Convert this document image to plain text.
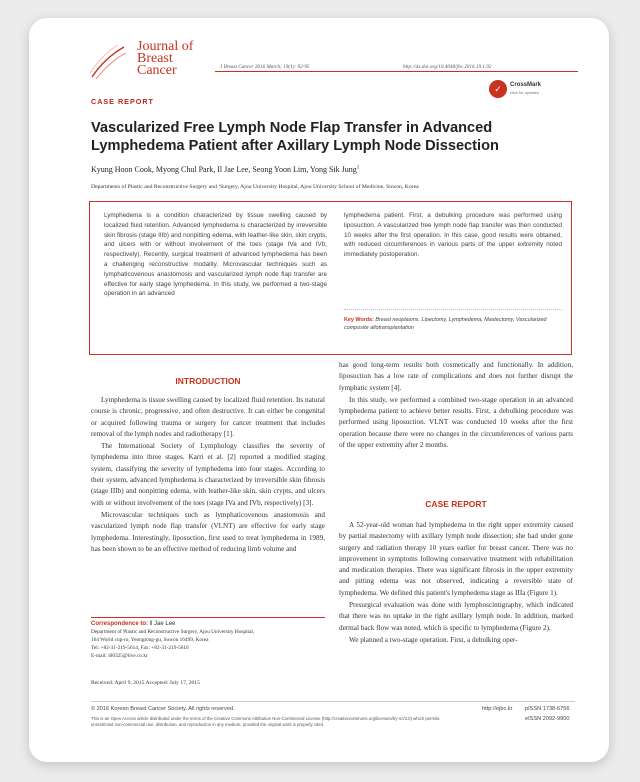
Journal of
Breast
Cancer	J Breast Cancer 2016 March; 19(1): 92-95	http://dx.doi.org/10.4048/jbc.2016.19.1.92
✓	CrossMark
click for updates
CASE REPORT
Vascularized Free Lymph Node Flap Transfer in Advanced Lymphedema Patient after Axillary Lymph Node Dissection
Kyung Hoon Cook, Myong Chul Park, Il Jae Lee, Seong Yoon Lim, Yong Sik Jung$^1$
Departments of Plastic and Reconstructive Surgery and ¹Surgery, Ajou University Hospital, Ajou University School of Medicine, Suwon, Korea
Lymphedema is a condition characterized by tissue swelling caused by localized fluid retention. Advanced lymphedema is characterized by irreversible skin fibrosis (stage IIIb) and nonpitting edema, with leather-like skin, skin crypts, and ulcers with or without involvement of the toes (stage IVa and IVb, respectively). Recently, surgical treatment of advanced lymphedema has been a challenging reconstructive modality. Microvascular techniques such as lymphaticovenous anastomosis and vascularized lymph node flap transfer are effective for early stage lymphedema. In this study, we performed a two-stage operation in an advanced
lymphedema patient. First, a debulking procedure was performed using liposuction. A vascularized free lymph node flap transfer was then conducted 10 weeks after the first operation. In this case, good results were obtained, with reduced circumferences in various parts of the upper extremity noted immediately postoperation.
Key Words: Breast neoplasms, Lipectomy, Lymphedema, Mastectomy, Vascularized composite allotransplantation
INTRODUCTION

Lymphedema is tissue swelling caused by localized fluid retention. Its natural course is chronic, progressive, and often destructive. It can either be congenital or acquired following trauma or surgery for cancer treatment that includes removal of the lymph nodes and radiotherapy [1].

The International Society of Lymphology classifies the severity of lymphedema into three stages. Karri et al. [2] reported a modified staging system, classifying the severity of lymphedema into four stages. According to their system, advanced lymphedema is characterized by irreversible skin fibrosis (stage IIIb) and nonpitting edema, with leather-like skin, skin crypts, and ulcers with or without involvement of the toes (stage IVa and IVb, respectively) [3].

Microvascular techniques such as lymphaticovenous anastomosis and vascularized lymph node flap transfer (VLNT) are effective for early stage lymphedema. Interestingly, liposuction, first used to treat lymphedema in 1989, has been shown to be an effective method of reducing limb volume and

has good long-term results both cosmetically and functionally. In addition, liposuction has a low rate of complications and does not further disrupt the lymphatic system [4].

In this study, we performed a combined two-stage operation in an advanced lymphedema patient to achieve better results. First, a debulking procedure was performed using liposuction. VLNT was conducted 10 weeks after the first operation because there were no changes in the circumferences of various parts of the upper extremity after 2 months.

CASE REPORT

A 52-year-old woman had lymphedema in the right upper extremity caused by partial mastectomy with axillary lymph node dissection; she had under gone surgery and radiation therapy 10 years earlier for breast cancer. There was no improvement in symptoms following conservative treatment with rehabilitation and medication therapies. There was significant fibrosis in the upper extremity and pitting edema was not observed, indicating a reversible state of lymphedema. We defined this patient's lymphedema stage as IIIa (Figure 1).

Presurgical evaluation was done with lymphoscintigraphy, which indicated that there was no uptake in the right axillary lymph node. In addition, marked dermal back flow was noted, which is specific to lymphedema (Figure 2).

We planned a two-stage operation. First, a debulking oper-

Correspondence to: Il Jae Lee
Department of Plastic and Reconstructive Surgery, Ajou University Hospital,
164 World cup-ro, Yeongtong-gu, Suwon 16499, Korea
Tel: +82-31-219-5614, Fax: +82-31-219-5610
E-mail: i00325@live.co.kr
Received: April 9, 2015 Accepted: July 17, 2015
© 2016 Korean Breast Cancer Society. All rights reserved.
This is an Open Access article distributed under the terms of the Creative Commons Attribution Non-Commercial License (http://creativecommons.org/licenses/by-nc/3.0) which permits unrestricted non-commercial use, distribution, and reproduction in any medium, provided the original work is properly cited.
http://ejbc.kr pISSN 1738-6756
eISSN 2092-9900
